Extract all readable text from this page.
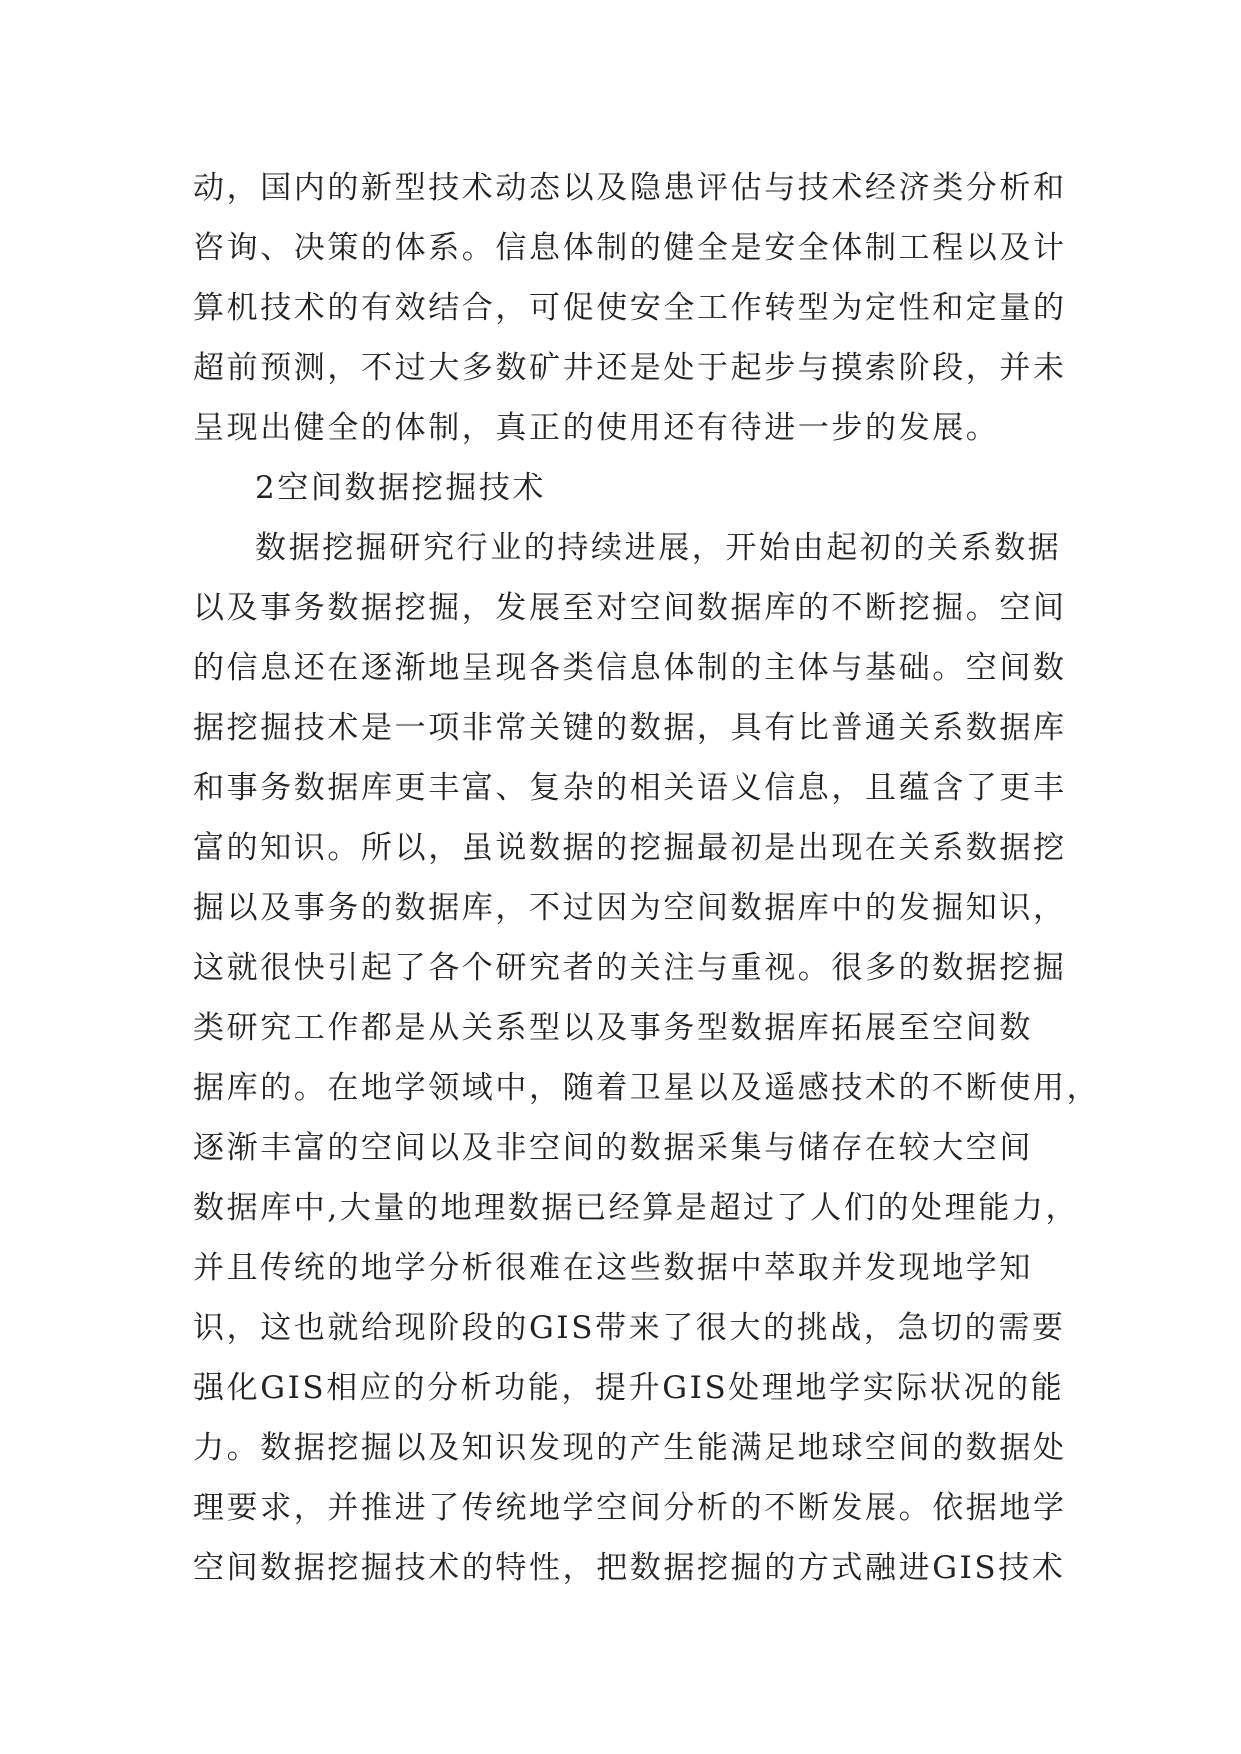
动，国内的新型技术动态以及隐患评估与技术经济类分析和
咨询、决策的体系。信息体制的健全是安全体制工程以及计
算机技术的有效结合，可促使安全工作转型为定性和定量的
超前预测，不过大多数矿井还是处于起步与摸索阶段，并未
呈现出健全的体制，真正的使用还有待进一步的发展。
2空间数据挖掘技术
数据挖掘研究行业的持续进展，开始由起初的关系数据
以及事务数据挖掘，发展至对空间数据库的不断挖掘。空间
的信息还在逐渐地呈现各类信息体制的主体与基础。空间数
据挖掘技术是一项非常关键的数据，具有比普通关系数据库
和事务数据库更丰富、复杂的相关语义信息，且蕴含了更丰
富的知识。所以，虽说数据的挖掘最初是出现在关系数据挖
掘以及事务的数据库，不过因为空间数据库中的发掘知识，
这就很快引起了各个研究者的关注与重视。很多的数据挖掘
类研究工作都是从关系型以及事务型数据库拓展至空间数
据库的。在地学领域中，随着卫星以及遥感技术的不断使用，
逐渐丰富的空间以及非空间的数据采集与储存在较大空间
数据库中,大量的地理数据已经算是超过了人们的处理能力，
并且传统的地学分析很难在这些数据中萃取并发现地学知
识，这也就给现阶段的GIS带来了很大的挑战，急切的需要
强化GIS相应的分析功能，提升GIS处理地学实际状况的能
力。数据挖掘以及知识发现的产生能满足地球空间的数据处
理要求，并推进了传统地学空间分析的不断发展。依据地学
空间数据挖掘技术的特性，把数据挖掘的方式融进GIS技术
